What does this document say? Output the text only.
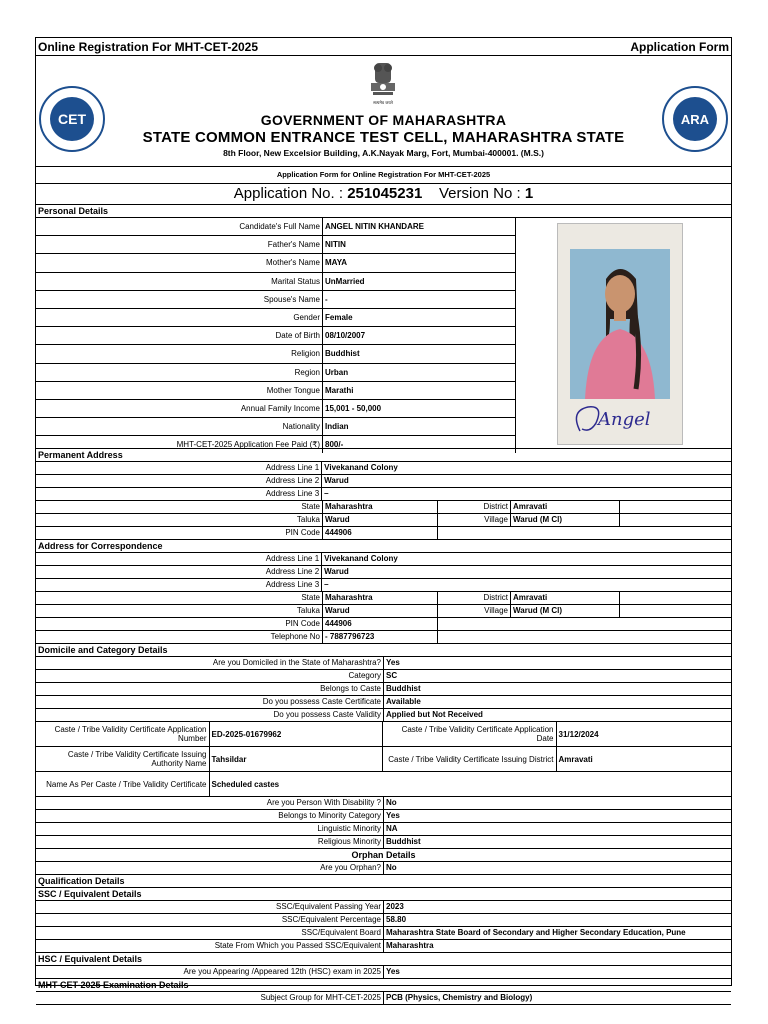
Online Registration For MHT-CET-2025	Application Form
CET
सत्यमेव जयते
GOVERNMENT OF MAHARASHTRA
STATE COMMON ENTRANCE TEST CELL, MAHARASHTRA STATE
8th Floor, New Excelsior Building, A.K.Nayak Marg, Fort, Mumbai-400001. (M.S.)
ARA
Application Form for Online Registration For MHT-CET-2025
Application No. : 251045231 Version No : 1
Personal Details
Candidate's Full Name ANGEL NITIN KHANDARE
Father's Name NITIN
Mother's Name MAYA
Marital Status UnMarried
Spouse's Name -
Gender Female
Date of Birth 08/10/2007
Religion Buddhist
Region Urban
Mother Tongue Marathi
Annual Family Income 15,001 - 50,000
Nationality Indian
MHT-CET-2025 Application Fee Paid (₹) 800/-
Angel
Permanent Address
Address Line 1 Vivekanand Colony
Address Line 2 Warud
Address Line 3 –
State Maharashtra	District Amravati
Taluka Warud	Village Warud (M Cl)
PIN Code 444906
Address for Correspondence
Address Line 1 Vivekanand Colony
Address Line 2 Warud
Address Line 3 –
State Maharashtra	District Amravati
Taluka Warud	Village Warud (M Cl)
PIN Code 444906
Telephone No - 7887796723
Domicile and Category Details
Are you Domiciled in the State of Maharashtra? Yes
Category SC
Belongs to Caste Buddhist
Do you possess Caste Certificate Available
Do you possess Caste Validity Applied but Not Received
Caste / Tribe Validity Certificate Application Number ED-2025-01679962	Caste / Tribe Validity Certificate Application Date 31/12/2024
Caste / Tribe Validity Certificate Issuing Authority Name Tahsildar	Caste / Tribe Validity Certificate Issuing District Amravati
Name As Per Caste / Tribe Validity Certificate Scheduled castes
Are you Person With Disability ? No
Belongs to Minority Category Yes
Linguistic Minority NA
Religious Minority Buddhist
Orphan Details
Are you Orphan? No
Qualification Details
SSC / Equivalent Details
SSC/Equivalent Passing Year 2023
SSC/Equivalent Percentage 58.80
SSC/Equivalent Board Maharashtra State Board of Secondary and Higher Secondary Education, Pune
State From Which you Passed SSC/Equivalent Maharashtra
HSC / Equivalent Details
Are you Appearing /Appeared 12th (HSC) exam in 2025 Yes
MHT-CET-2025 Examination Details
Subject Group for MHT-CET-2025 PCB (Physics, Chemistry and Biology)
